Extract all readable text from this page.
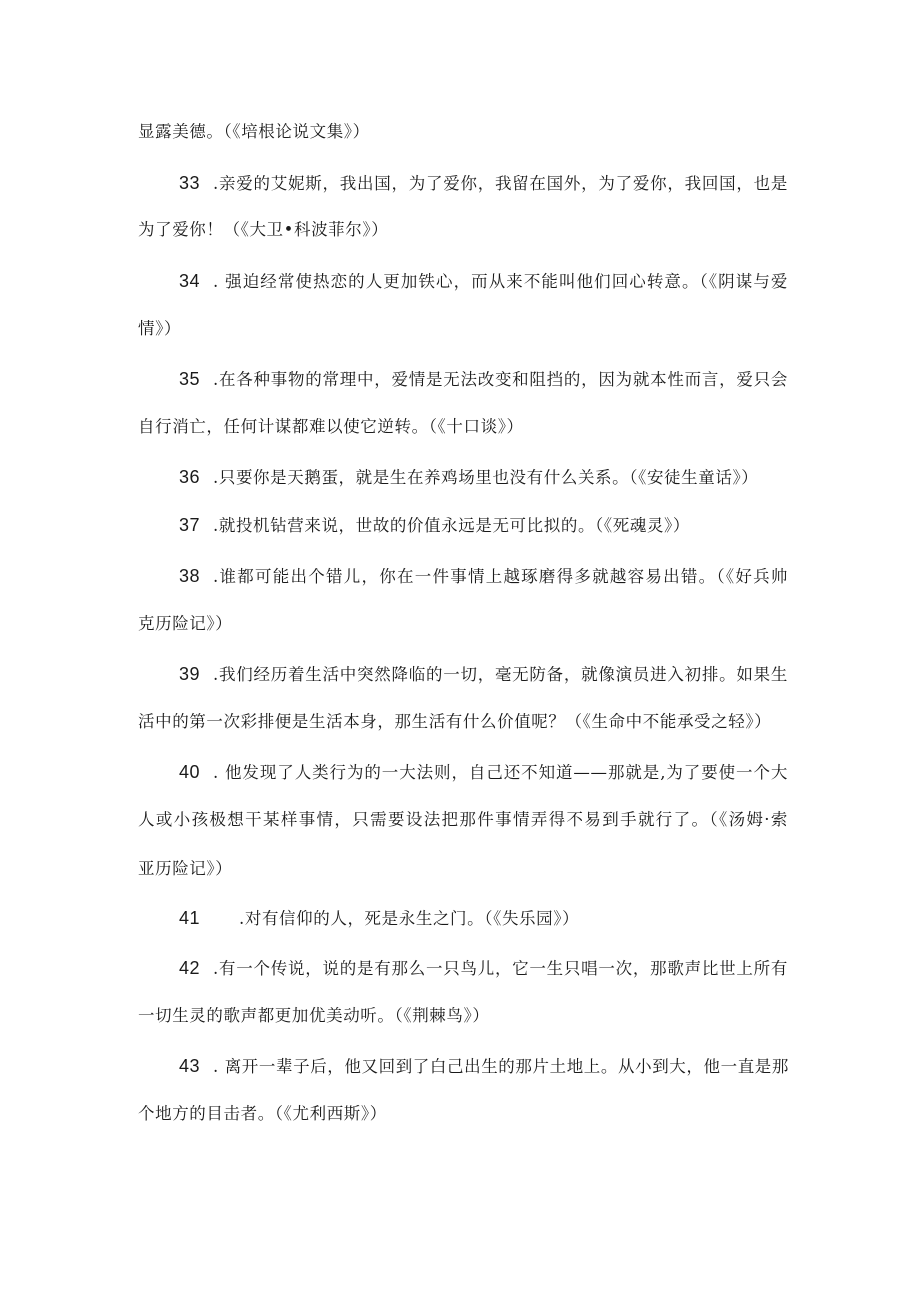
显露美德。（《培根论说文集》）
33 .亲爱的艾妮斯，我出国，为了爱你，我留在国外，为了爱你，我回国，也是
为了爱你！（《大卫•科波菲尔》）
34 . 强迫经常使热恋的人更加铁心，而从来不能叫他们回心转意。（《阴谋与爱
情》）
35 .在各种事物的常理中，爱情是无法改变和阻挡的，因为就本性而言，爱只会
自行消亡，任何计谋都难以使它逆转。（《十口谈》）
36 .只要你是天鹅蛋，就是生在养鸡场里也没有什么关系。（《安徒生童话》）
37 .就投机钻营来说，世故的价值永远是无可比拟的。（《死魂灵》）
38 .谁都可能出个错儿，你在一件事情上越琢磨得多就越容易出错。（《好兵帅
克历险记》）
39 .我们经历着生活中突然降临的一切，毫无防备，就像演员进入初排。如果生
活中的第一次彩排便是生活本身，那生活有什么价值呢？（《生命中不能承受之轻》）
40 . 他发现了人类行为的一大法则，自己还不知道——那就是,为了要使一个大
人或小孩极想干某样事情，只需要设法把那件事情弄得不易到手就行了。（《汤姆·索
亚历险记》）
41 .对有信仰的人，死是永生之门。（《失乐园》）
42 .有一个传说，说的是有那么一只鸟儿，它一生只唱一次，那歌声比世上所有
一切生灵的歌声都更加优美动听。（《荆棘鸟》）
43 . 离开一辈子后，他又回到了白己出生的那片土地上。从小到大，他一直是那
个地方的目击者。（《尤利西斯》）
